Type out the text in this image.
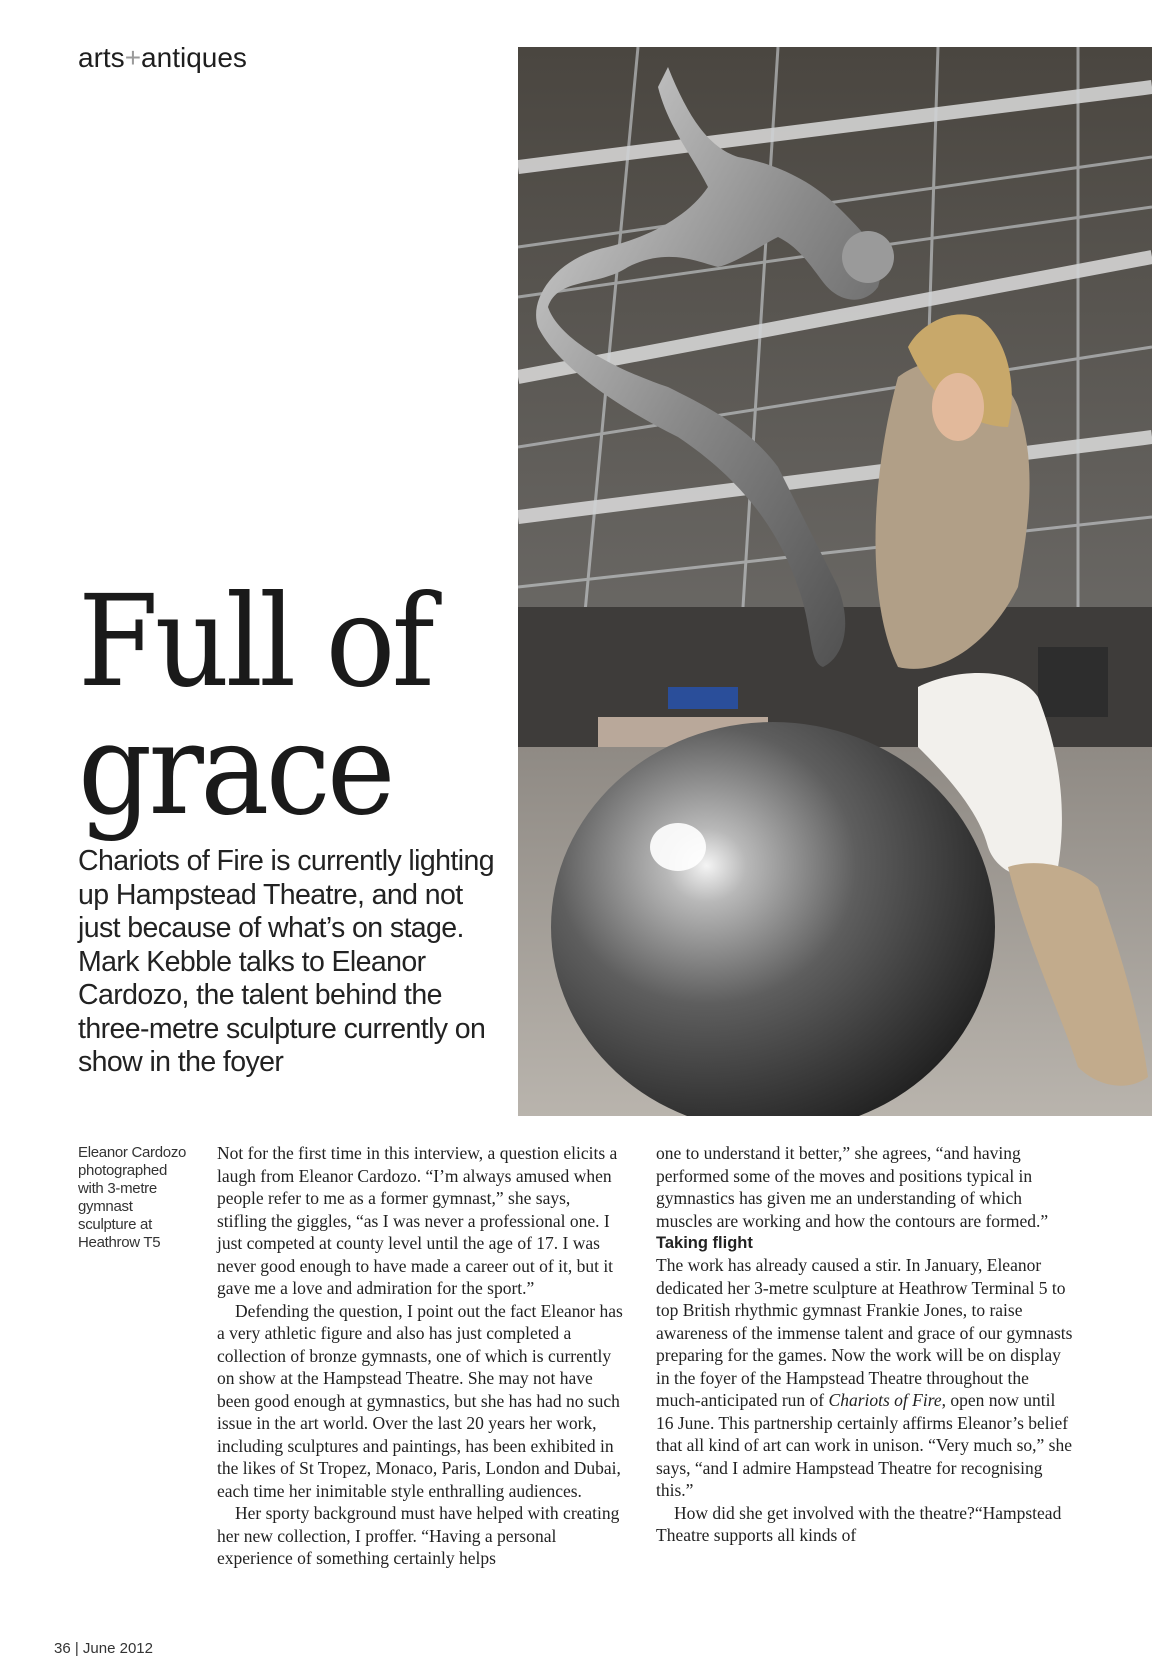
arts+antiques
Full of
grace

Chariots of Fire is currently lighting up Hampstead Theatre, and not just because of what’s on stage. Mark Kebble talks to Eleanor Cardozo, the talent behind the three-metre sculpture currently on show in the foyer

Eleanor Cardozo photographed with 3-metre gymnast sculpture at Heathrow T5

Not for the first time in this interview, a question elicits a laugh from Eleanor Cardozo. “I’m always amused when people refer to me as a former gymnast,” she says, stifling the giggles, “as I was never a professional one. I just competed at county level until the age of 17. I was never good enough to have made a career out of it, but it gave me a love and admiration for the sport.”

Defending the question, I point out the fact Eleanor has a very athletic figure and also has just completed a collection of bronze gymnasts, one of which is currently on show at the Hampstead Theatre. She may not have been good enough at gymnastics, but she has had no such issue in the art world. Over the last 20 years her work, including sculptures and paintings, has been exhibited in the likes of St Tropez, Monaco, Paris, London and Dubai, each time her inimitable style enthralling audiences.

Her sporty background must have helped with creating her new collection, I proffer. “Having a personal experience of something certainly helps

one to understand it better,” she agrees, “and having performed some of the moves and positions typical in gymnastics has given me an understanding of which muscles are working and how the contours are formed.”

Taking flight

The work has already caused a stir. In January, Eleanor dedicated her 3-metre sculpture at Heathrow Terminal 5 to top British rhythmic gymnast Frankie Jones, to raise awareness of the immense talent and grace of our gymnasts preparing for the games. Now the work will be on display in the foyer of the Hampstead Theatre throughout the much-anticipated run of Chariots of Fire, open now until 16 June. This partnership certainly affirms Eleanor’s belief that all kind of art can work in unison. “Very much so,” she says, “and I admire Hampstead Theatre for recognising this.”

How did she get involved with the theatre?“Hampstead Theatre supports all kinds of

36 | June 2012
